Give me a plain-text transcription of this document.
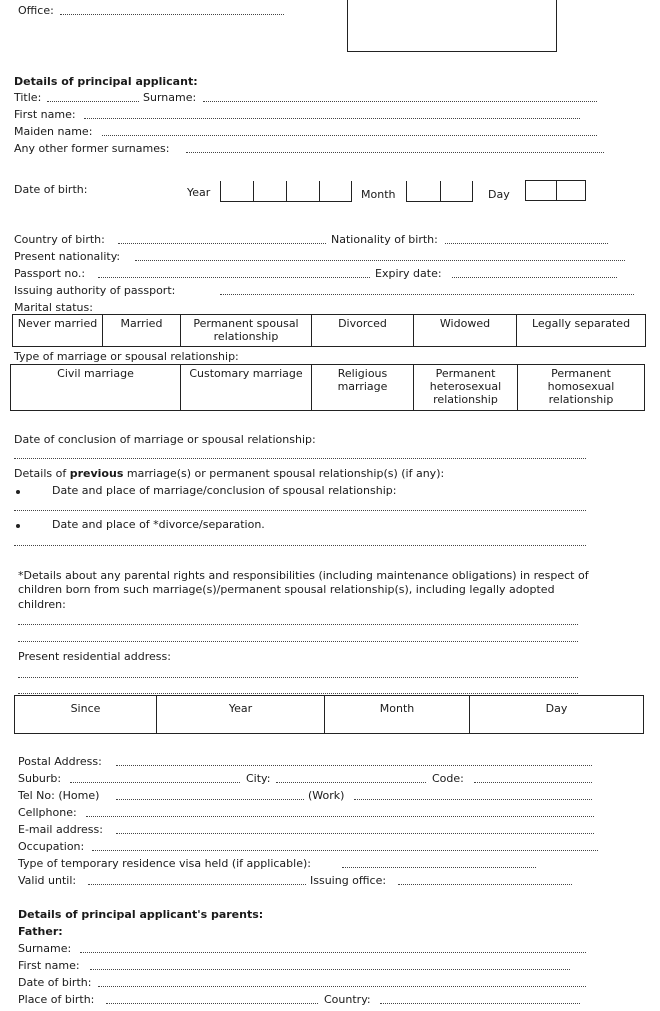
Office:
Details of principal applicant:
Title:	Surname:
First name:
Maiden name:
Any other former surnames:
Date of birth:	Year	Month	Day
Country of birth:	Nationality of birth:
Present nationality:
Passport no.:	Expiry date:
Issuing authority of passport:
Marital status:
Never married	Married	Permanent spousal relationship	Divorced	Widowed	Legally separated
Type of marriage or spousal relationship:
Civil marriage	Customary marriage	Religious marriage	Permanent heterosexual relationship	Permanent homosexual relationship
Date of conclusion of marriage or spousal relationship:
Details of previous marriage(s) or permanent spousal relationship(s) (if any):
Date and place of marriage/conclusion of spousal relationship:
Date and place of *divorce/separation.
*Details about any parental rights and responsibilities (including maintenance obligations) in respect of
children born from such marriage(s)/permanent spousal relationship(s), including legally adopted
children:
Present residential address:
Since	Year	Month	Day
Postal Address:
Suburb:	City:	Code:
Tel No: (Home)	(Work)
Cellphone:
E-mail address:
Occupation:
Type of temporary residence visa held (if applicable):
Valid until:	Issuing office:
Details of principal applicant's parents:
Father:
Surname:
First name:
Date of birth:
Place of birth:	Country:
